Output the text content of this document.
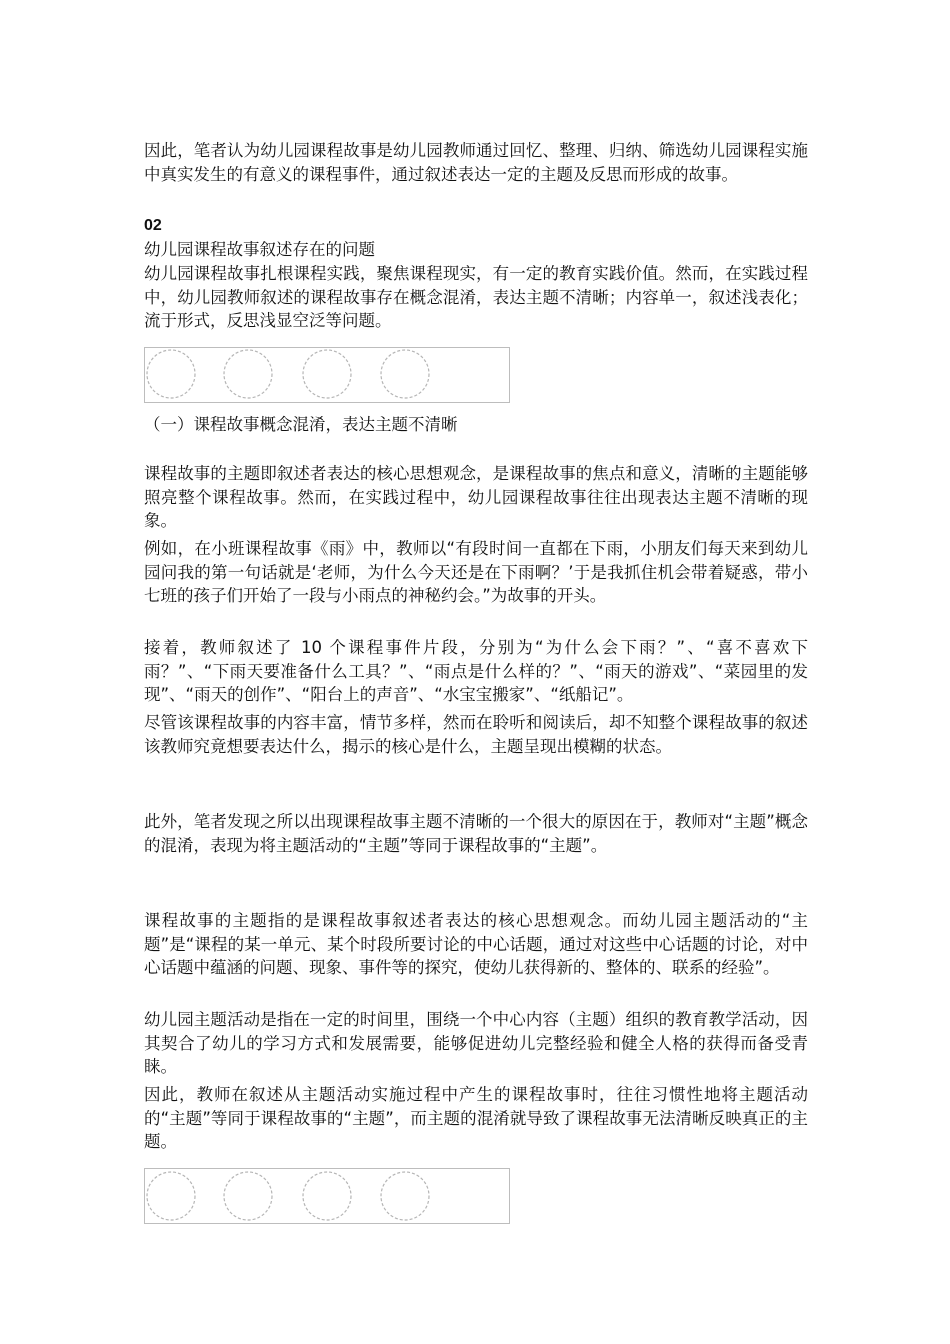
因此，笔者认为幼儿园课程故事是幼儿园教师通过回忆、整理、归纳、筛选幼儿园课程实施中真实发生的有意义的课程事件，通过叙述表达一定的主题及反思而形成的故事。

02

幼儿园课程故事叙述存在的问题

幼儿园课程故事扎根课程实践，聚焦课程现实，有一定的教育实践价值。然而，在实践过程中，幼儿园教师叙述的课程故事存在概念混淆，表达主题不清晰；内容单一，叙述浅表化；流于形式，反思浅显空泛等问题。

（一）课程故事概念混淆，表达主题不清晰

课程故事的主题即叙述者表达的核心思想观念，是课程故事的焦点和意义，清晰的主题能够照亮整个课程故事。然而，在实践过程中，幼儿园课程故事往往出现表达主题不清晰的现象。

例如，在小班课程故事《雨》中，教师以“有段时间一直都在下雨，小朋友们每天来到幼儿园问我的第一句话就是‘老师，为什么今天还是在下雨啊？’于是我抓住机会带着疑惑，带小七班的孩子们开始了一段与小雨点的神秘约会。”为故事的开头。

接着，教师叙述了 10 个课程事件片段，分别为“为什么会下雨？”、“喜不喜欢下雨？”、“下雨天要准备什么工具？”、“雨点是什么样的？”、“雨天的游戏”、“菜园里的发现”、“雨天的创作”、“阳台上的声音”、“水宝宝搬家”、“纸船记”。

尽管该课程故事的内容丰富，情节多样，然而在聆听和阅读后，却不知整个课程故事的叙述该教师究竟想要表达什么，揭示的核心是什么，主题呈现出模糊的状态。

此外，笔者发现之所以出现课程故事主题不清晰的一个很大的原因在于，教师对“主题”概念的混淆，表现为将主题活动的“主题”等同于课程故事的“主题”。

课程故事的主题指的是课程故事叙述者表达的核心思想观念。而幼儿园主题活动的“主题”是“课程的某一单元、某个时段所要讨论的中心话题，通过对这些中心话题的讨论，对中心话题中蕴涵的问题、现象、事件等的探究，使幼儿获得新的、整体的、联系的经验”。

幼儿园主题活动是指在一定的时间里，围绕一个中心内容（主题）组织的教育教学活动，因其契合了幼儿的学习方式和发展需要，能够促进幼儿完整经验和健全人格的获得而备受青睐。

因此，教师在叙述从主题活动实施过程中产生的课程故事时，往往习惯性地将主题活动的“主题”等同于课程故事的“主题”，而主题的混淆就导致了课程故事无法清晰反映真正的主题。
